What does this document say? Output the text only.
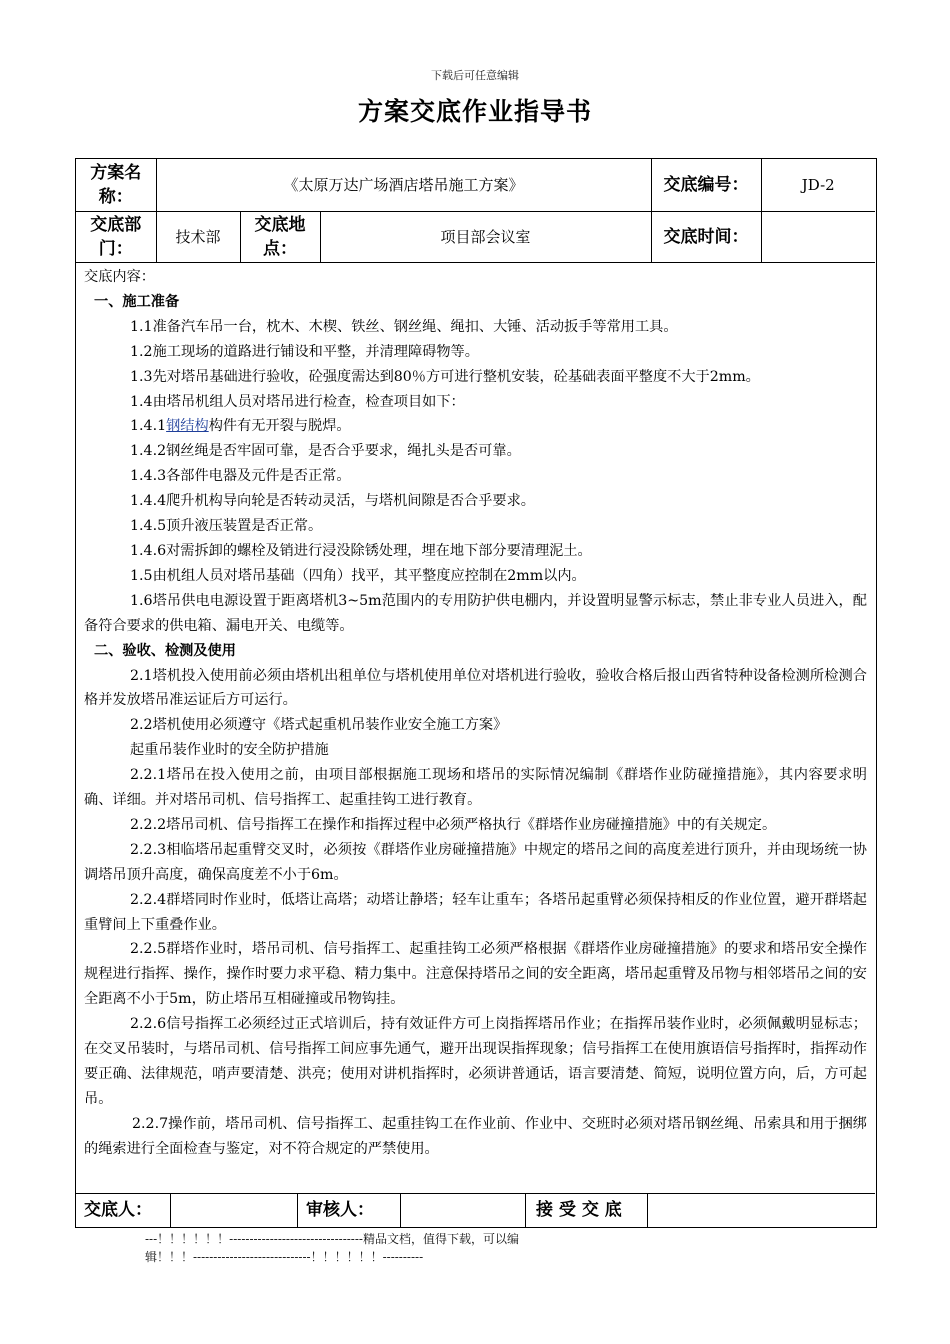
下载后可任意编辑
方案交底作业指导书
方案名称：	《太原万达广场酒店塔吊施工方案》			交底编号：	JD-2
交底部门：	技术部	交底地点：	项目部会议室	交底时间：	

交底内容：

一、施工准备

1.1准备汽车吊一台，枕木、木楔、铁丝、钢丝绳、绳扣、大锤、活动扳手等常用工具。

1.2施工现场的道路进行铺设和平整，并清理障碍物等。

1.3先对塔吊基础进行验收，砼强度需达到80％方可进行整机安装，砼基础表面平整度不大于2mm。

1.4由塔吊机组人员对塔吊进行检查，检查项目如下：

1.4.1钢结构构件有无开裂与脱焊。

1.4.2钢丝绳是否牢固可靠，是否合乎要求，绳扎头是否可靠。

1.4.3各部件电器及元件是否正常。

1.4.4爬升机构导向轮是否转动灵活，与塔机间隙是否合乎要求。

1.4.5顶升液压装置是否正常。

1.4.6对需拆卸的螺栓及销进行浸没除锈处理，埋在地下部分要清理泥土。

1.5由机组人员对塔吊基础（四角）找平，其平整度应控制在2mm以内。

1.6塔吊供电电源设置于距离塔机3~5m范围内的专用防护供电棚内，并设置明显警示标志，禁止非专业人员进入，配备符合要求的供电箱、漏电开关、电缆等。

二、验收、检测及使用

2.1塔机投入使用前必须由塔机出租单位与塔机使用单位对塔机进行验收，验收合格后报山西省特种设备检测所检测合格并发放塔吊准运证后方可运行。

2.2塔机使用必须遵守《塔式起重机吊装作业安全施工方案》

起重吊装作业时的安全防护措施

2.2.1塔吊在投入使用之前，由项目部根据施工现场和塔吊的实际情况编制《群塔作业防碰撞措施》，其内容要求明确、详细。并对塔吊司机、信号指挥工、起重挂钩工进行教育。

2.2.2塔吊司机、信号指挥工在操作和指挥过程中必须严格执行《群塔作业房碰撞措施》中的有关规定。

2.2.3相临塔吊起重臂交叉时，必须按《群塔作业房碰撞措施》中规定的塔吊之间的高度差进行顶升，并由现场统一协调塔吊顶升高度，确保高度差不小于6m。

2.2.4群塔同时作业时，低塔让高塔；动塔让静塔；轻车让重车；各塔吊起重臂必须保持相反的作业位置，避开群塔起重臂间上下重叠作业。

2.2.5群塔作业时，塔吊司机、信号指挥工、起重挂钩工必须严格根据《群塔作业房碰撞措施》的要求和塔吊安全操作规程进行指挥、操作，操作时要力求平稳、精力集中。注意保持塔吊之间的安全距离，塔吊起重臂及吊物与相邻塔吊之间的安全距离不小于5m，防止塔吊互相碰撞或吊物钩挂。

2.2.6信号指挥工必须经过正式培训后，持有效证件方可上岗指挥塔吊作业；在指挥吊装作业时，必须佩戴明显标志；在交叉吊装时，与塔吊司机、信号指挥工间应事先通气，避开出现误指挥现象；信号指挥工在使用旗语信号指挥时，指挥动作要正确、法律规范，哨声要清楚、洪亮；使用对讲机指挥时，必须讲普通话，语言要清楚、简短，说明位置方向，后，方可起吊。

2.2.7操作前，塔吊司机、信号指挥工、起重挂钩工在作业前、作业中、交班时必须对塔吊钢丝绳、吊索具和用于捆绑的绳索进行全面检查与鉴定，对不符合规定的严禁使用。

交底人：	审核人：	接 受 交 底
---！！！！！！---------------------------------精品文档，值得下载，可以编
辑！！！-----------------------------！！！！！！----------
